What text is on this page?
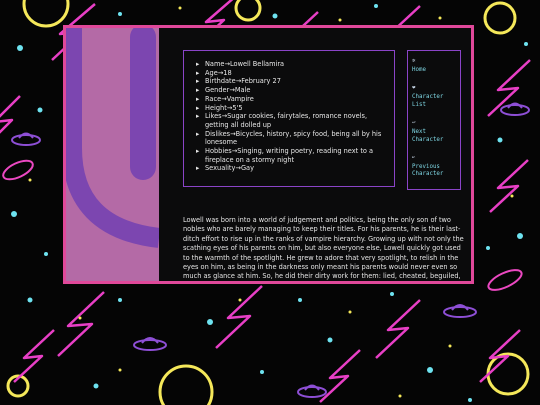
▸ Name→Lowell Bellamira
▸ Age→18
▸ Birthdate→February 27
▸ Gender→Male
▸ Race→Vampire
▸ Height→5'5
▸ Likes→Sugar cookies, fairytales, romance novels, getting all dolled up
▸ Dislikes→Bicycles, history, spicy food, being all by his lonesome
▸ Hobbies→Singing, writing poetry, reading next to a fireplace on a stormy night
▸ Sexuality→Gay
✲
Home
❤
Character List
↩
Next Character
↜
Previous Character

Lowell was born into a world of judgement and politics, being the only son of two nobles who are barely managing to keep their titles. For his parents, he is their last-ditch effort to rise up in the ranks of vampire hierarchy. Growing up with not only the scathing eyes of his parents on him, but also everyone else, Lowell quickly got used to the warmth of the spotlight. He grew to adore that very spotlight, to relish in the eyes on him, as being in the darkness only meant his parents would never even so much as glance at him. So, he did their dirty work for them: lied, cheated, beguiled,
